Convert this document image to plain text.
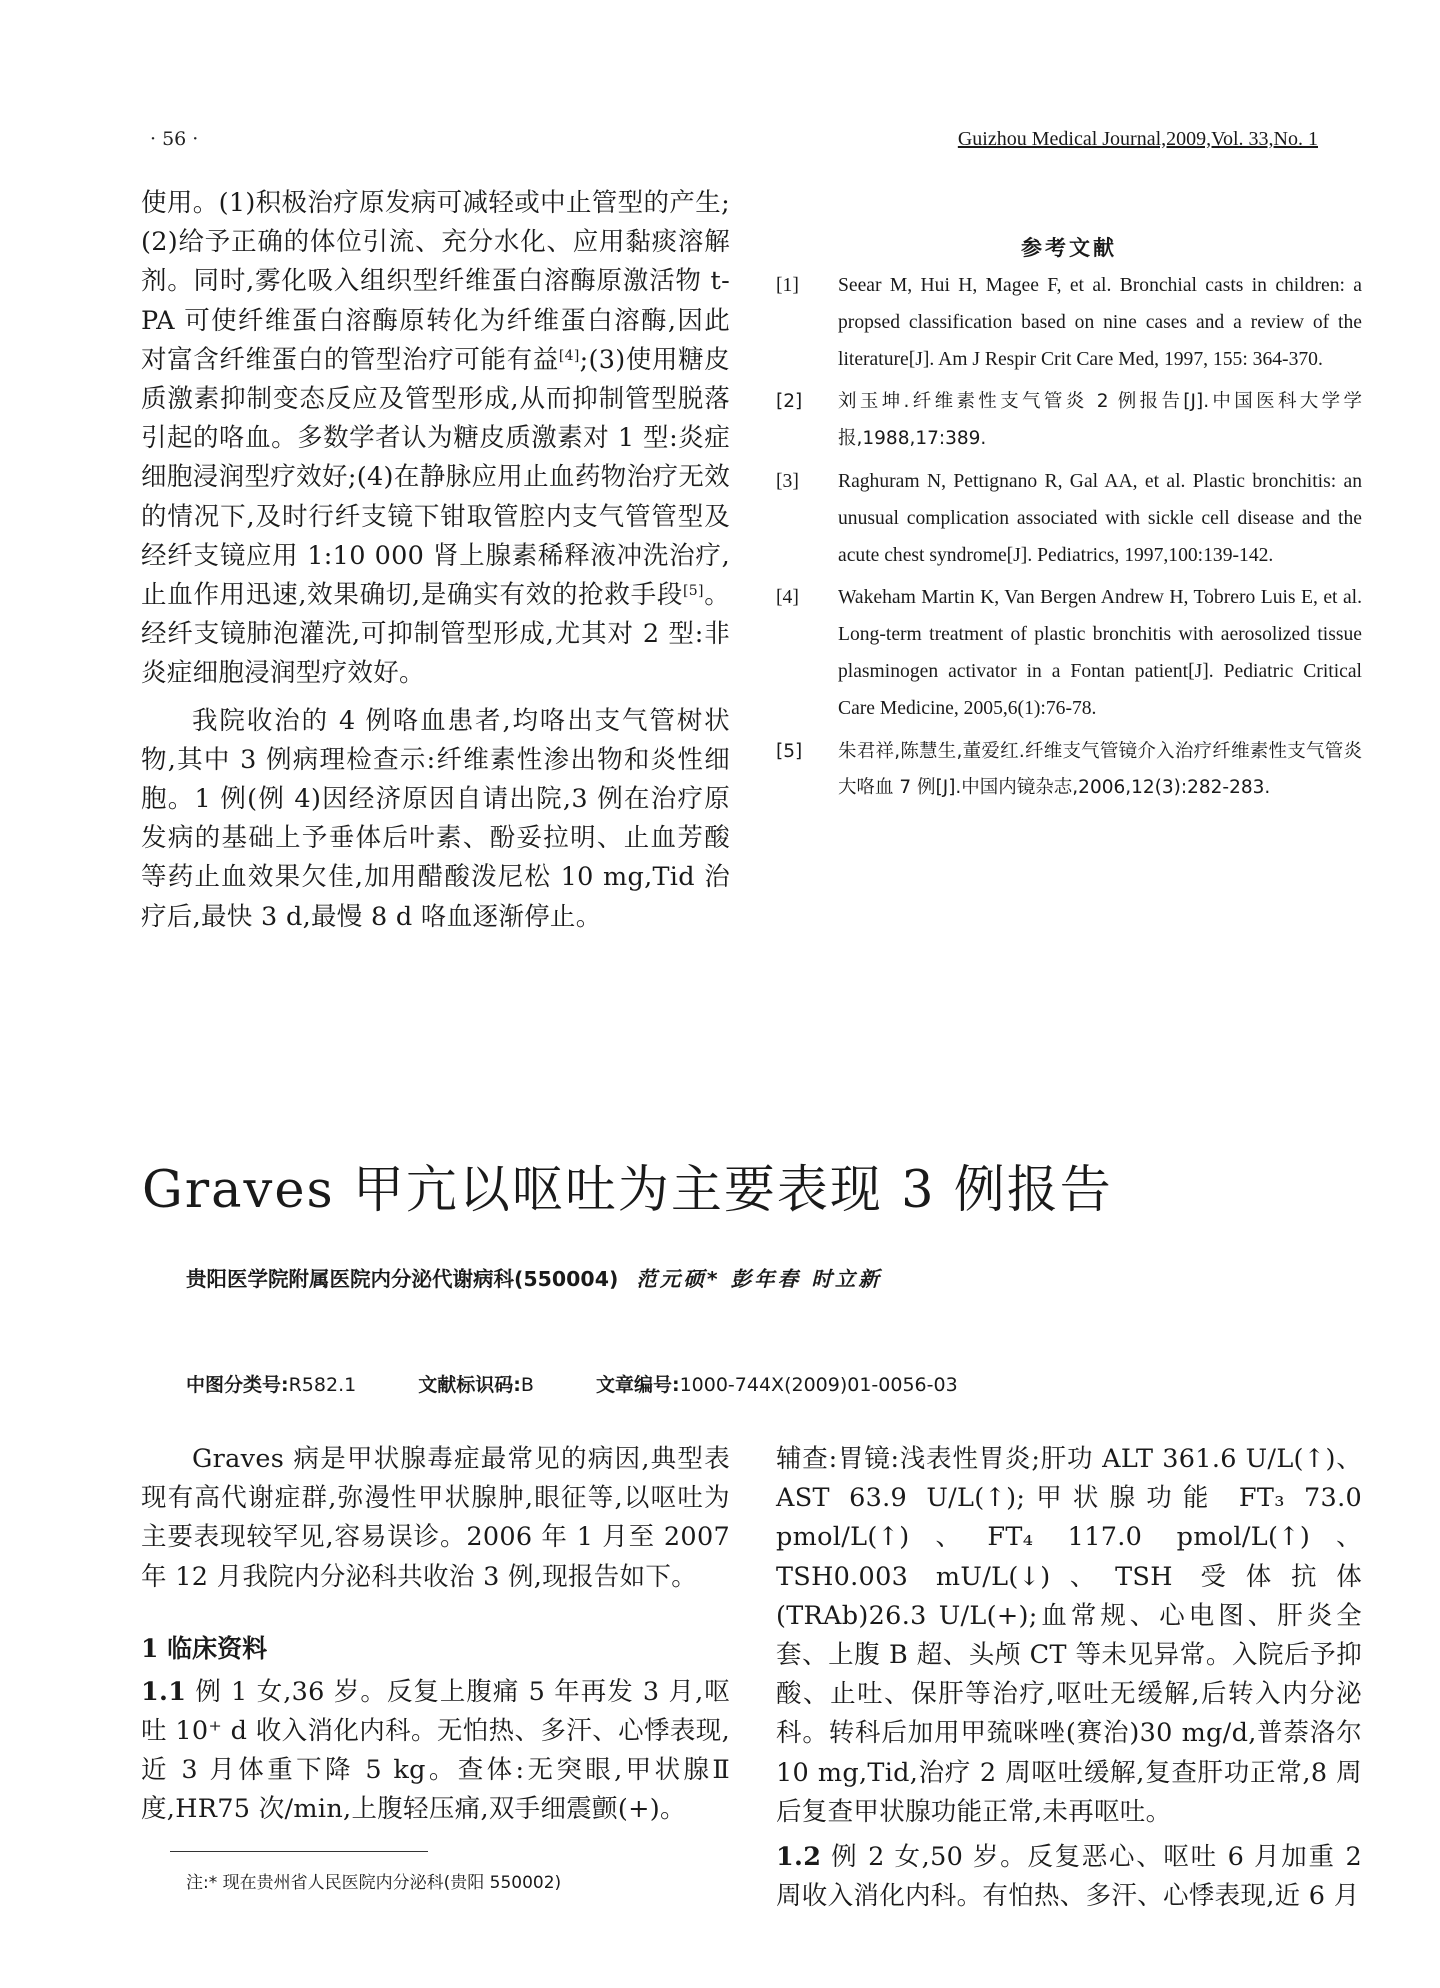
· 56 ·	Guizhou Medical Journal,2009,Vol. 33,No. 1

使用。(1)积极治疗原发病可减轻或中止管型的产生;(2)给予正确的体位引流、充分水化、应用黏痰溶解剂。同时,雾化吸入组织型纤维蛋白溶酶原激活物 t-PA 可使纤维蛋白溶酶原转化为纤维蛋白溶酶,因此对富含纤维蛋白的管型治疗可能有益[4];(3)使用糖皮质激素抑制变态反应及管型形成,从而抑制管型脱落引起的咯血。多数学者认为糖皮质激素对 1 型:炎症细胞浸润型疗效好;(4)在静脉应用止血药物治疗无效的情况下,及时行纤支镜下钳取管腔内支气管管型及经纤支镜应用 1:10 000 肾上腺素稀释液冲洗治疗,止血作用迅速,效果确切,是确实有效的抢救手段[5]。经纤支镜肺泡灌洗,可抑制管型形成,尤其对 2 型:非炎症细胞浸润型疗效好。

我院收治的 4 例咯血患者,均咯出支气管树状物,其中 3 例病理检查示:纤维素性渗出物和炎性细胞。1 例(例 4)因经济原因自请出院,3 例在治疗原发病的基础上予垂体后叶素、酚妥拉明、止血芳酸等药止血效果欠佳,加用醋酸泼尼松 10 mg,Tid 治疗后,最快 3 d,最慢 8 d 咯血逐渐停止。

参考文献
[1]	Seear M, Hui H, Magee F, et al. Bronchial casts in children: a propsed classification based on nine cases and a review of the literature[J]. Am J Respir Crit Care Med, 1997, 155: 364-370.
[2]	刘玉坤.纤维素性支气管炎 2 例报告[J].中国医科大学学报,1988,17:389.
[3]	Raghuram N, Pettignano R, Gal AA, et al. Plastic bronchitis: an unusual complication associated with sickle cell disease and the acute chest syndrome[J]. Pediatrics, 1997,100:139-142.
[4]	Wakeham Martin K, Van Bergen Andrew H, Tobrero Luis E, et al. Long-term treatment of plastic bronchitis with aerosolized tissue plasminogen activator in a Fontan patient[J]. Pediatric Critical Care Medicine, 2005,6(1):76-78.
[5]	朱君祥,陈慧生,董爱红.纤维支气管镜介入治疗纤维素性支气管炎大咯血 7 例[J].中国内镜杂志,2006,12(3):282-283.
Graves 甲亢以呕吐为主要表现 3 例报告
贵阳医学院附属医院内分泌代谢病科(550004) 范元硕* 彭年春 时立新
中图分类号:R582.1	文献标识码:B	文章编号:1000-744X(2009)01-0056-03

Graves 病是甲状腺毒症最常见的病因,典型表现有高代谢症群,弥漫性甲状腺肿,眼征等,以呕吐为主要表现较罕见,容易误诊。2006 年 1 月至 2007 年 12 月我院内分泌科共收治 3 例,现报告如下。

1 临床资料

1.1 例 1 女,36 岁。反复上腹痛 5 年再发 3 月,呕吐 10⁺ d 收入消化内科。无怕热、多汗、心悸表现,近 3 月体重下降 5 kg。查体:无突眼,甲状腺Ⅱ度,HR75 次/min,上腹轻压痛,双手细震颤(+)。

注:* 现在贵州省人民医院内分泌科(贵阳 550002)

辅查:胃镜:浅表性胃炎;肝功 ALT 361.6 U/L(↑)、AST 63.9 U/L(↑);甲状腺功能 FT₃ 73.0 pmol/L(↑)、FT₄ 117.0 pmol/L(↑)、TSH0.003 mU/L(↓)、TSH 受体抗体(TRAb)26.3 U/L(+);血常规、心电图、肝炎全套、上腹 B 超、头颅 CT 等未见异常。入院后予抑酸、止吐、保肝等治疗,呕吐无缓解,后转入内分泌科。转科后加用甲巯咪唑(赛治)30 mg/d,普萘洛尔 10 mg,Tid,治疗 2 周呕吐缓解,复查肝功正常,8 周后复查甲状腺功能正常,未再呕吐。

1.2 例 2 女,50 岁。反复恶心、呕吐 6 月加重 2 周收入消化内科。有怕热、多汗、心悸表现,近 6 月
